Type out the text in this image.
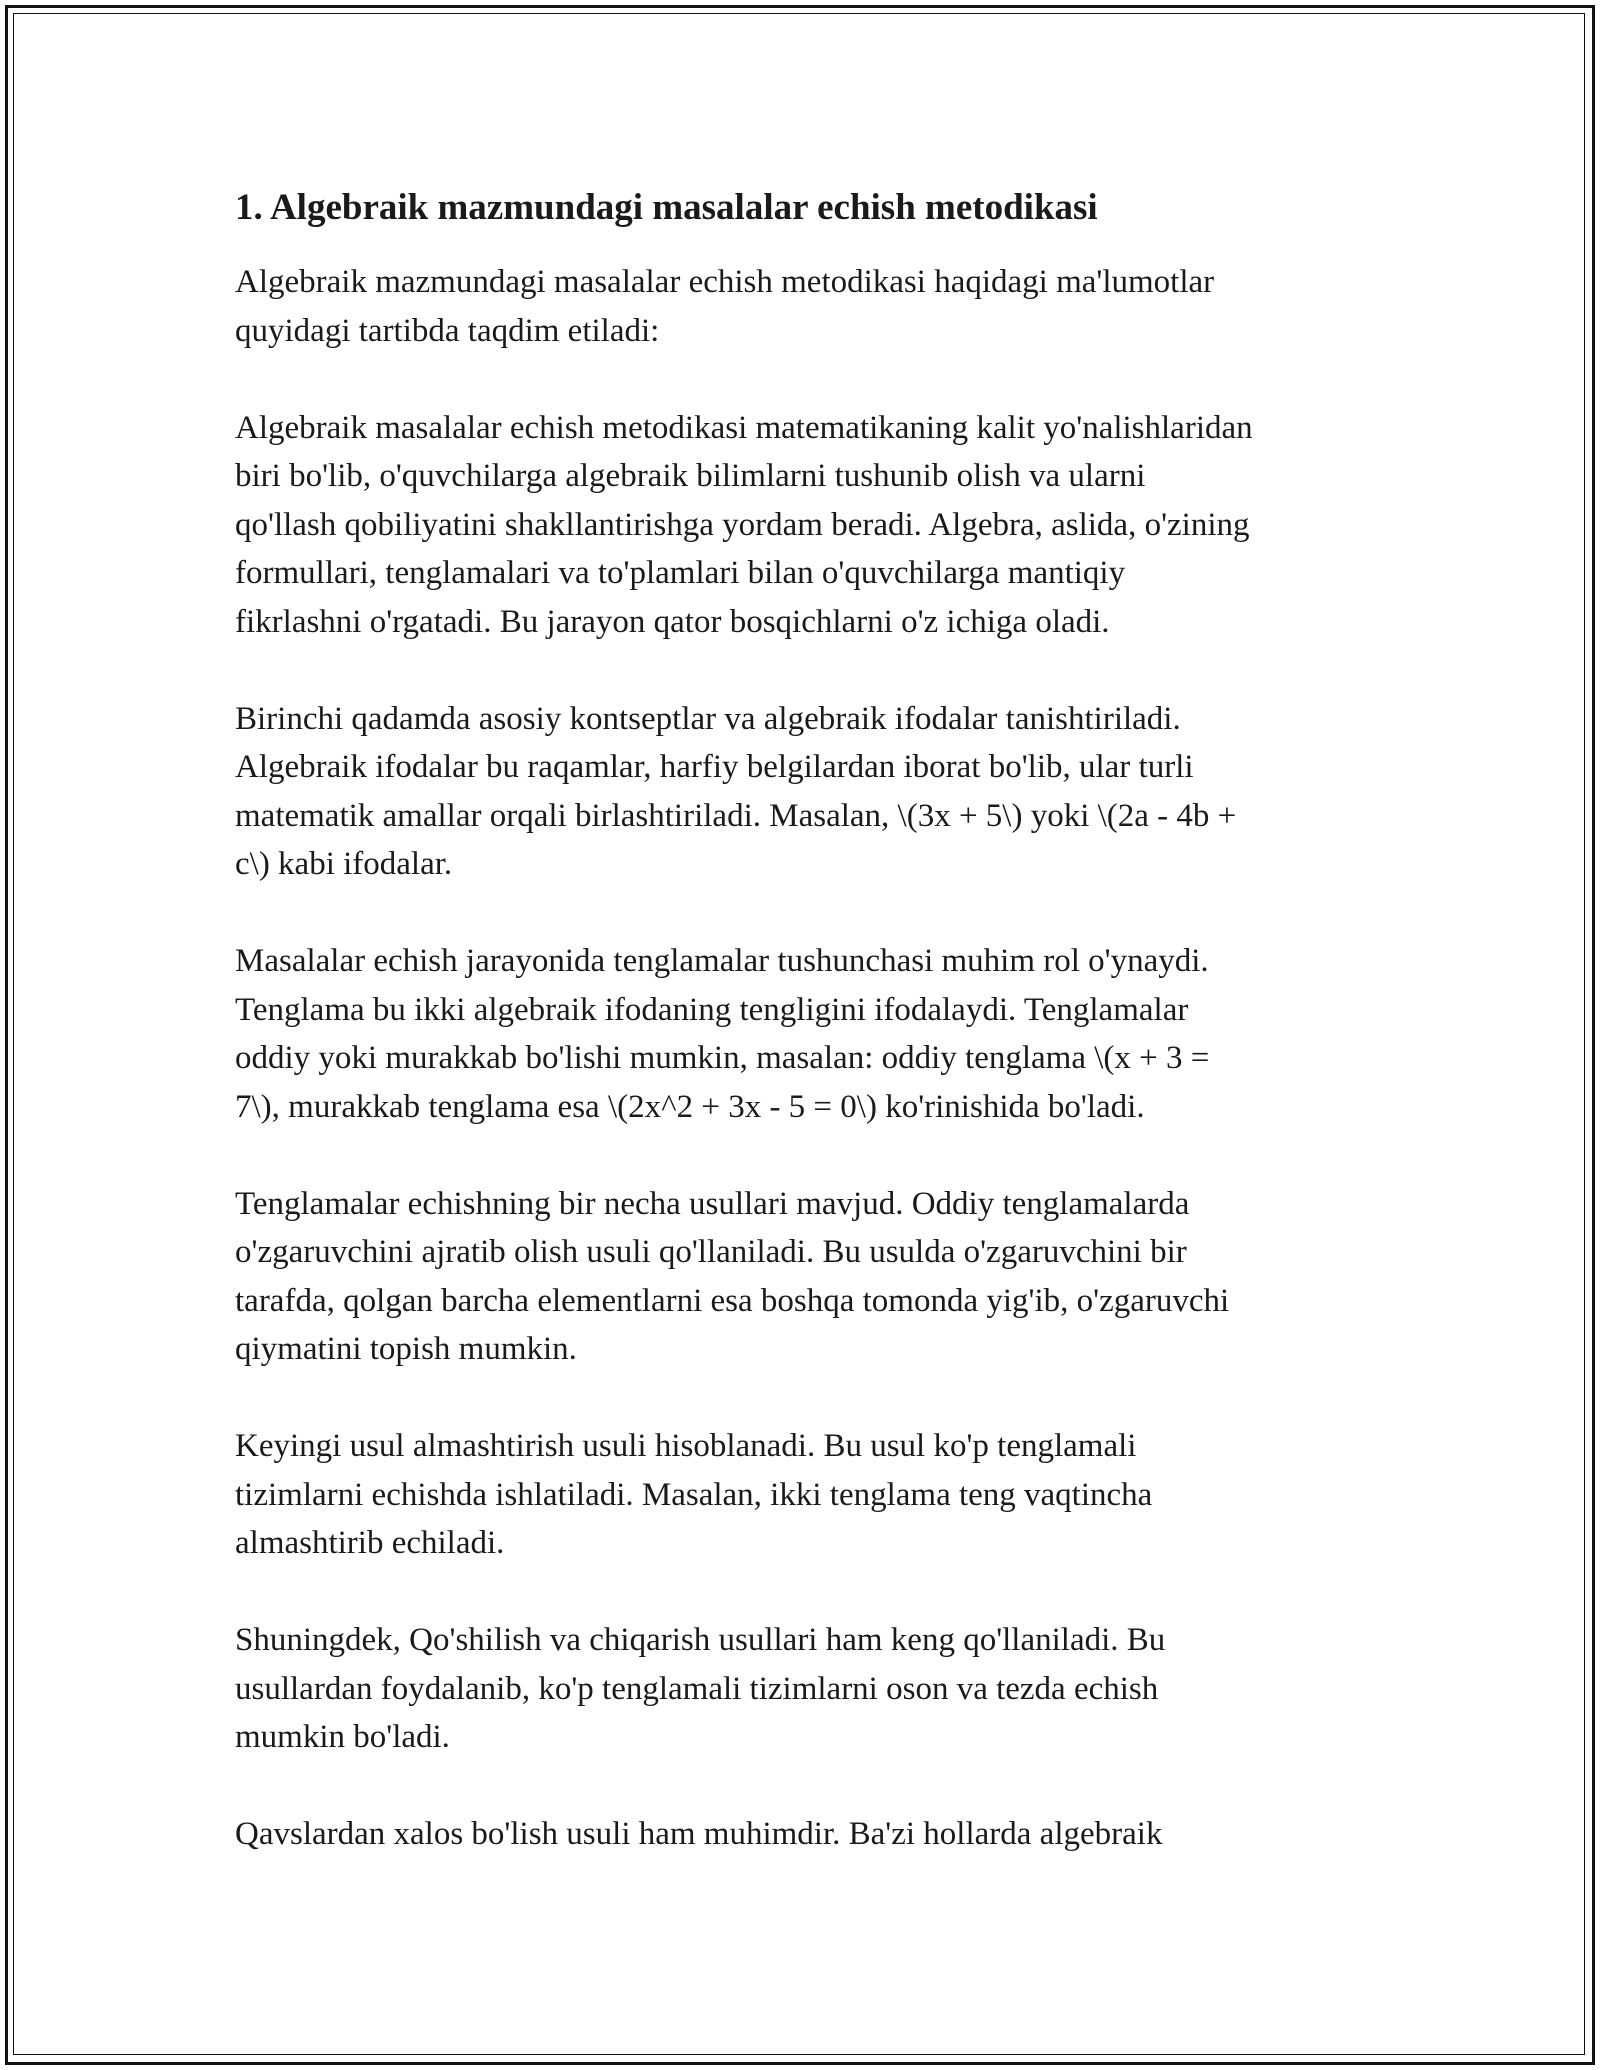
1. Algebraik mazmundagi masalalar echish metodikasi

Algebraik mazmundagi masalalar echish metodikasi haqidagi ma'lumotlar
quyidagi tartibda taqdim etiladi:

Algebraik masalalar echish metodikasi matematikaning kalit yo'nalishlaridan
biri bo'lib, o'quvchilarga algebraik bilimlarni tushunib olish va ularni
qo'llash qobiliyatini shakllantirishga yordam beradi. Algebra, aslida, o'zining
formullari, tenglamalari va to'plamlari bilan o'quvchilarga mantiqiy
fikrlashni o'rgatadi. Bu jarayon qator bosqichlarni o'z ichiga oladi.

Birinchi qadamda asosiy kontseptlar va algebraik ifodalar tanishtiriladi.
Algebraik ifodalar bu raqamlar, harfiy belgilardan iborat bo'lib, ular turli
matematik amallar orqali birlashtiriladi. Masalan, \(3x + 5\) yoki \(2a - 4b +
c\) kabi ifodalar.

Masalalar echish jarayonida tenglamalar tushunchasi muhim rol o'ynaydi.
Tenglama bu ikki algebraik ifodaning tengligini ifodalaydi. Tenglamalar
oddiy yoki murakkab bo'lishi mumkin, masalan: oddiy tenglama \(x + 3 =
7\), murakkab tenglama esa \(2x^2 + 3x - 5 = 0\) ko'rinishida bo'ladi.

Tenglamalar echishning bir necha usullari mavjud. Oddiy tenglamalarda
o'zgaruvchini ajratib olish usuli qo'llaniladi. Bu usulda o'zgaruvchini bir
tarafda, qolgan barcha elementlarni esa boshqa tomonda yig'ib, o'zgaruvchi
qiymatini topish mumkin.

Keyingi usul almashtirish usuli hisoblanadi. Bu usul ko'p tenglamali
tizimlarni echishda ishlatiladi. Masalan, ikki tenglama teng vaqtincha
almashtirib echiladi.

Shuningdek, Qo'shilish va chiqarish usullari ham keng qo'llaniladi. Bu
usullardan foydalanib, ko'p tenglamali tizimlarni oson va tezda echish
mumkin bo'ladi.

Qavslardan xalos bo'lish usuli ham muhimdir. Ba'zi hollarda algebraik
